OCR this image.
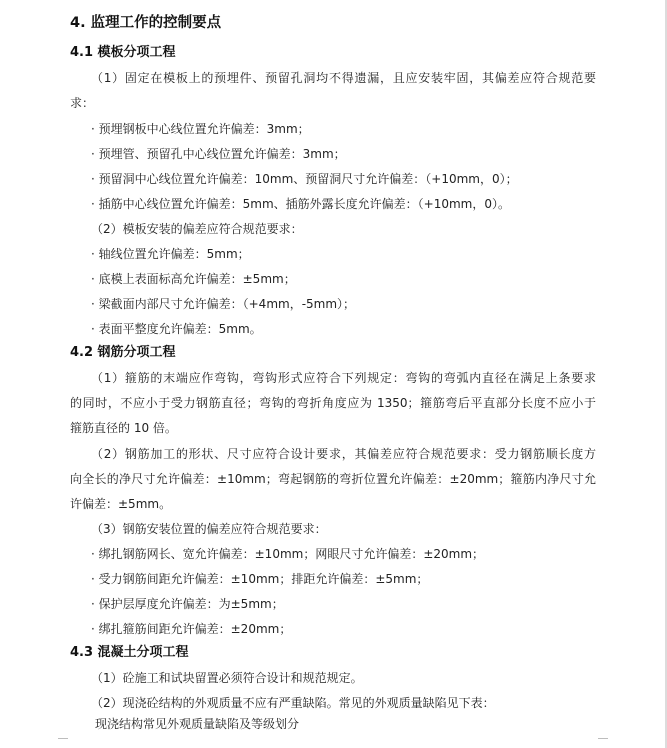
4. 监理工作的控制要点
4.1 模板分项工程
（1）固定在模板上的预埋件、预留孔洞均不得遗漏，且应安装牢固，其偏差应符合规范要
求：
· 预埋钢板中心线位置允许偏差：3mm；
· 预埋管、预留孔中心线位置允许偏差：3mm；
· 预留洞中心线位置允许偏差：10mm、预留洞尺寸允许偏差：（+10mm，0）；
· 插筋中心线位置允许偏差：5mm、插筋外露长度允许偏差：（+10mm，0）。
（2）模板安装的偏差应符合规范要求：
· 轴线位置允许偏差：5mm；
· 底模上表面标高允许偏差：±5mm；
· 梁截面内部尺寸允许偏差：（+4mm，-5mm）；
· 表面平整度允许偏差：5mm。
4.2 钢筋分项工程
（1）箍筋的末端应作弯钩，弯钩形式应符合下列规定：弯钩的弯弧内直径在满足上条要求
的同时，不应小于受力钢筋直径；弯钩的弯折角度应为 1350；箍筋弯后平直部分长度不应小于
箍筋直径的 10 倍。
（2）钢筋加工的形状、尺寸应符合设计要求，其偏差应符合规范要求：受力钢筋顺长度方
向全长的净尺寸允许偏差：±10mm；弯起钢筋的弯折位置允许偏差：±20mm；箍筋内净尺寸允
许偏差：±5mm。
（3）钢筋安装位置的偏差应符合规范要求：
· 绑扎钢筋网长、宽允许偏差：±10mm；网眼尺寸允许偏差：±20mm；
· 受力钢筋间距允许偏差：±10mm；排距允许偏差：±5mm；
· 保护层厚度允许偏差：为±5mm；
· 绑扎箍筋间距允许偏差：±20mm；
4.3 混凝土分项工程
（1）砼施工和试块留置必须符合设计和规范规定。
（2）现浇砼结构的外观质量不应有严重缺陷。常见的外观质量缺陷见下表：
现浇结构常见外观质量缺陷及等级划分
